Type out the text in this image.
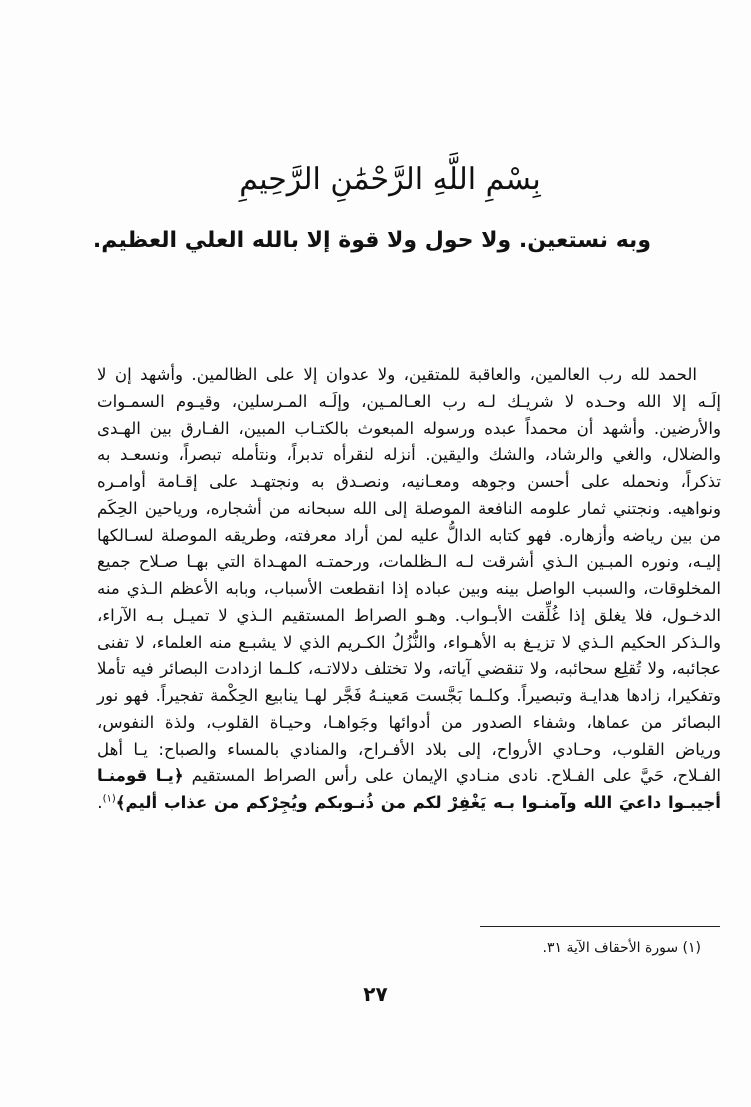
بِسْمِ اللَّهِ الرَّحْمَٰنِ الرَّحِيمِ
وبه نستعين. ولا حول ولا قوة إلا بالله العلي العظيم.

الحمد لله رب العالمين، والعاقبة للمتقين، ولا عدوان إلا على الظالمين. وأشهد إن لا إلَـه إلا الله وحـده لا شريـك لـه رب العـالمـين، وإلَـه المـرسلين، وقيـوم السمـوات والأرضين. وأشهد أن محمداً عبده ورسوله المبعوث بالكتـاب المبين، الفـارق بين الهـدى والضلال، والغي والرشاد، والشك واليقين. أنزله لنقرأه تدبراً، ونتأمله تبصراً، ونسعـد به تذكراً، ونحمله على أحسن وجوهه ومعـانيه، ونصـدق به ونجتهـد على إقـامة أوامـره ونواهيه. ونجتني ثمار علومه النافعة الموصلة إلى الله سبحانه من أشجاره، ورياحين الحِكَم من بين رياضه وأزهاره. فهو كتابه الدالُّ عليه لمن أراد معرفته، وطريقه الموصلة لسـالكها إليـه، ونوره المبـين الـذي أشرقت لـه الـظلمات، ورحمتـه المهـداة التي بهـا صـلاح جميع المخلوقات، والسبب الواصل بينه وبين عباده إذا انقطعت الأسباب، وبابه الأعظم الـذي منه الدخـول، فلا يغلق إذا غُلِّقت الأبـواب. وهـو الصراط المستقيم الـذي لا تميـل بـه الآراء، والـذكر الحكيم الـذي لا تزيـغ به الأهـواء، والنُّزُلُ الكـريم الذي لا يشبـع منه العلماء، لا تفنى عجائبه، ولا تُقلِع سحائبه، ولا تنقضي آياته، ولا تختلف دلالاتـه، كلـما ازدادت البصائر فيه تأملا وتفكيرا، زادها هدايـة وتبصيراً. وكلـما بَجَّست مَعينـهُ فَجَّر لهـا ينابيع الحِكْمة تفجيراً. فهو نور البصائر من عماها، وشفاء الصدور من أدوائها وجَواهـا، وحيـاة القلوب، ولذة النفوس، ورياض القلوب، وحـادي الأرواح، إلى بلاد الأفـراح، والمنادي بالمساء والصباح: يـا أهل الفـلاح، حَيَّ على الفـلاح. نادى منـادي الإيمان على رأس الصراط المستقيم ﴿يـا قومنـا أجيبـوا داعيَ الله وآمنـوا بـه يَغْفِرْ لكم من ذُنـوبكم ويُجِرْكم من عذاب أليم﴾$^{(١)}$.

(١) سورة الأحقاف الآية ٣١.
٢٧
